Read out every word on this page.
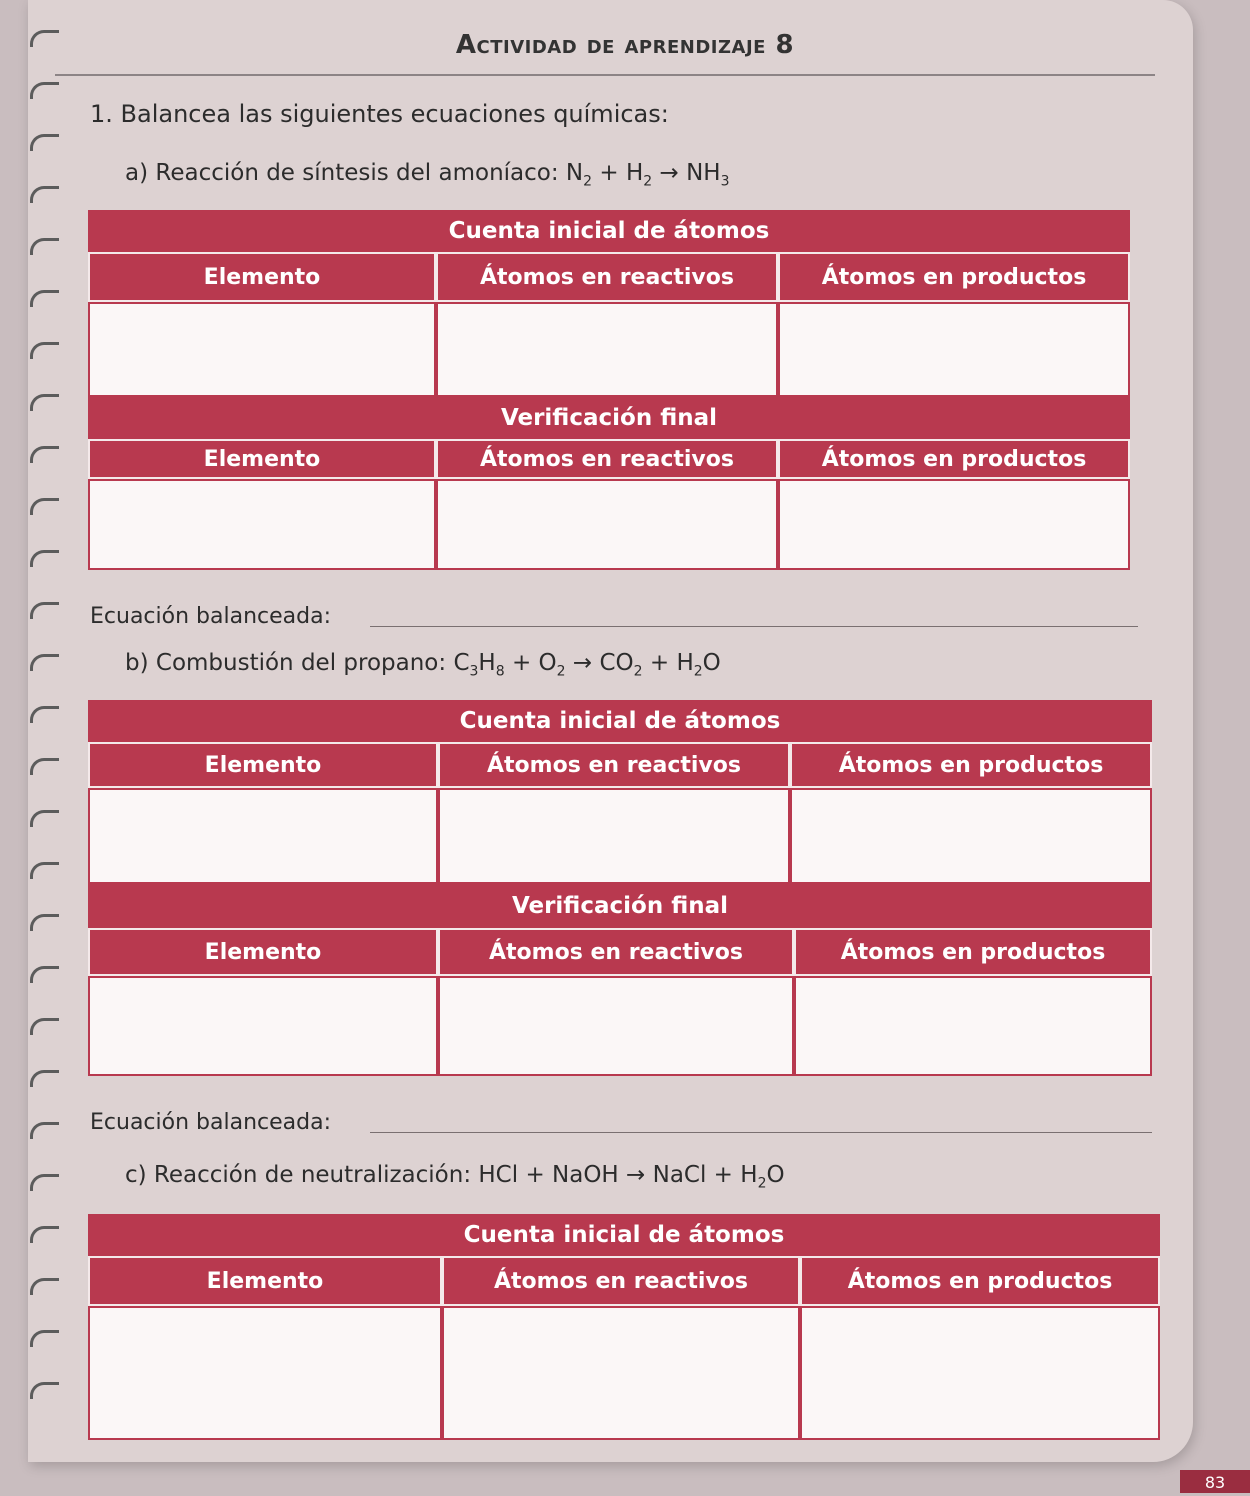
Actividad de aprendizaje 8
1. Balancea las siguientes ecuaciones químicas:
a) Reacción de síntesis del amoníaco: $N_2 + H_2 \to NH_3$
Cuenta inicial de átomos
Elemento	Átomos en reactivos	Átomos en productos
Verificación final
Elemento	Átomos en reactivos	Átomos en productos
Ecuación balanceada:
b) Combustión del propano: $C_3H_8 + O_2 \to CO_2 + H_2O$
Cuenta inicial de átomos
Elemento	Átomos en reactivos	Átomos en productos
Verificación final
Elemento	Átomos en reactivos	Átomos en productos
Ecuación balanceada:
c) Reacción de neutralización: HCl + NaOH → NaCl + $H_2O$
Cuenta inicial de átomos
Elemento	Átomos en reactivos	Átomos en productos
83
